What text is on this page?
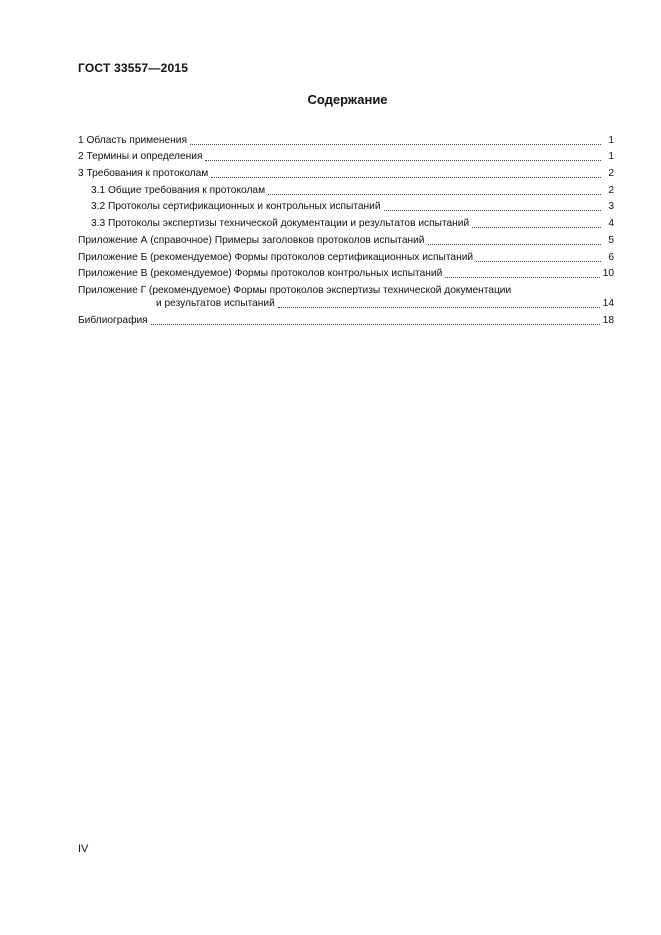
ГОСТ 33557—2015
Содержание
1 Область применения	1
2 Термины и определения	1
3 Требования к протоколам	2
3.1 Общие требования к протоколам	2
3.2 Протоколы сертификационных и контрольных испытаний	3
3.3 Протоколы экспертизы технической документации и результатов испытаний	4
Приложение А (справочное) Примеры заголовков протоколов испытаний	5
Приложение Б (рекомендуемое) Формы протоколов сертификационных испытаний	6
Приложение В (рекомендуемое) Формы протоколов контрольных испытаний	10
Приложение Г (рекомендуемое) Формы протоколов экспертизы технической документации
и результатов испытаний	14
Библиография	18
IV
